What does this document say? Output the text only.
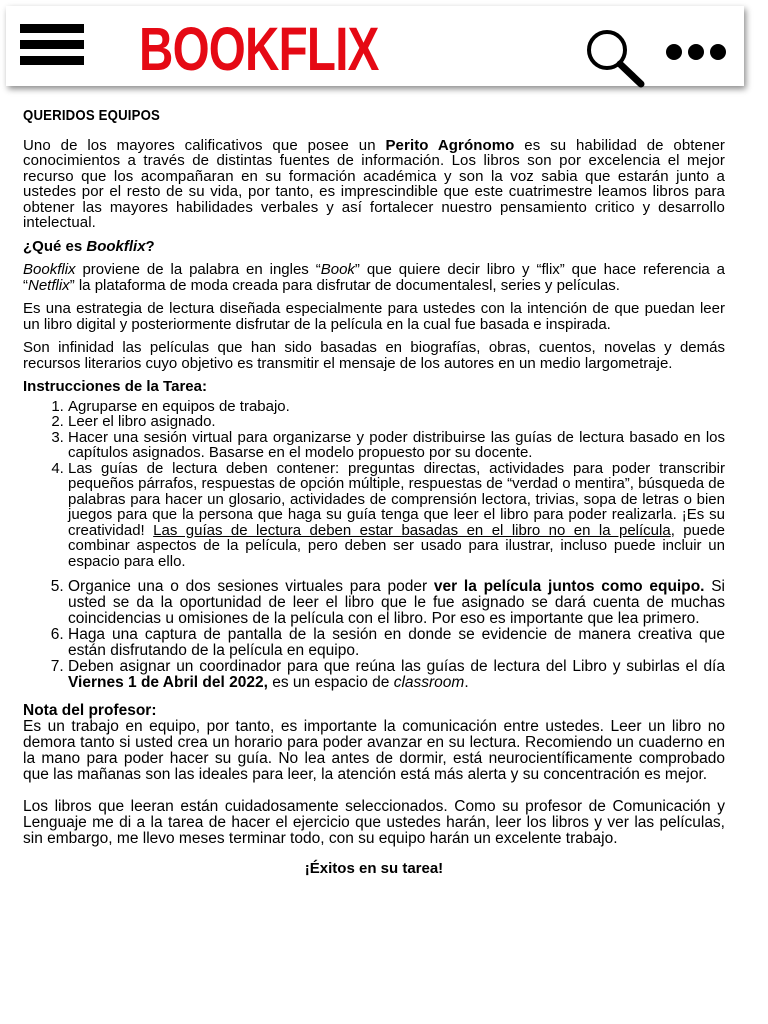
BOOKFLIX
QUERIDOS EQUIPOS

Uno de los mayores calificativos que posee un Perito Agrónomo es su habilidad de obtener conocimientos a través de distintas fuentes de información. Los libros son por excelencia el mejor recurso que los acompañaran en su formación académica y son la voz sabia que estarán junto a ustedes por el resto de su vida, por tanto, es imprescindible que este cuatrimestre leamos libros para obtener las mayores habilidades verbales y así fortalecer nuestro pensamiento critico y desarrollo intelectual.

¿Qué es Bookflix?

Bookflix proviene de la palabra en ingles “Book” que quiere decir libro y “flix” que hace referencia a “Netflix” la plataforma de moda creada para disfrutar de documentalesl, series y películas.

Es una estrategia de lectura diseñada especialmente para ustedes con la intención de que puedan leer un libro digital y posteriormente disfrutar de la película en la cual fue basada e inspirada.

Son infinidad las películas que han sido basadas en biografías, obras, cuentos, novelas y demás recursos literarios cuyo objetivo es transmitir el mensaje de los autores en un medio largometraje.

Instrucciones de la Tarea:

1. Agruparse en equipos de trabajo.
2. Leer el libro asignado.
3. Hacer una sesión virtual para organizarse y poder distribuirse las guías de lectura basado en los capítulos asignados. Basarse en el modelo propuesto por su docente.
4. Las guías de lectura deben contener: preguntas directas, actividades para poder transcribir pequeños párrafos, respuestas de opción múltiple, respuestas de “verdad o mentira”, búsqueda de palabras para hacer un glosario, actividades de comprensión lectora, trivias, sopa de letras o bien juegos para que la persona que haga su guía tenga que leer el libro para poder realizarla. ¡Es su creatividad! Las guías de lectura deben estar basadas en el libro no en la película, puede combinar aspectos de la película, pero deben ser usado para ilustrar, incluso puede incluir un espacio para ello.
5. Organice una o dos sesiones virtuales para poder ver la película juntos como equipo. Si usted se da la oportunidad de leer el libro que le fue asignado se dará cuenta de muchas coincidencias u omisiones de la película con el libro. Por eso es importante que lea primero.
6. Haga una captura de pantalla de la sesión en donde se evidencie de manera creativa que están disfrutando de la película en equipo.
7. Deben asignar un coordinador para que reúna las guías de lectura del Libro y subirlas el día Viernes 1 de Abril del 2022, es un espacio de classroom.
Nota del profesor:

Es un trabajo en equipo, por tanto, es importante la comunicación entre ustedes. Leer un libro no demora tanto si usted crea un horario para poder avanzar en su lectura. Recomiendo un cuaderno en la mano para poder hacer su guía. No lea antes de dormir, está neurocientíficamente comprobado que las mañanas son las ideales para leer, la atención está más alerta y su concentración es mejor.

Los libros que leeran están cuidadosamente seleccionados. Como su profesor de Comunicación y Lenguaje me di a la tarea de hacer el ejercicio que ustedes harán, leer los libros y ver las películas, sin embargo, me llevo meses terminar todo, con su equipo harán un excelente trabajo.

¡Éxitos en su tarea!
